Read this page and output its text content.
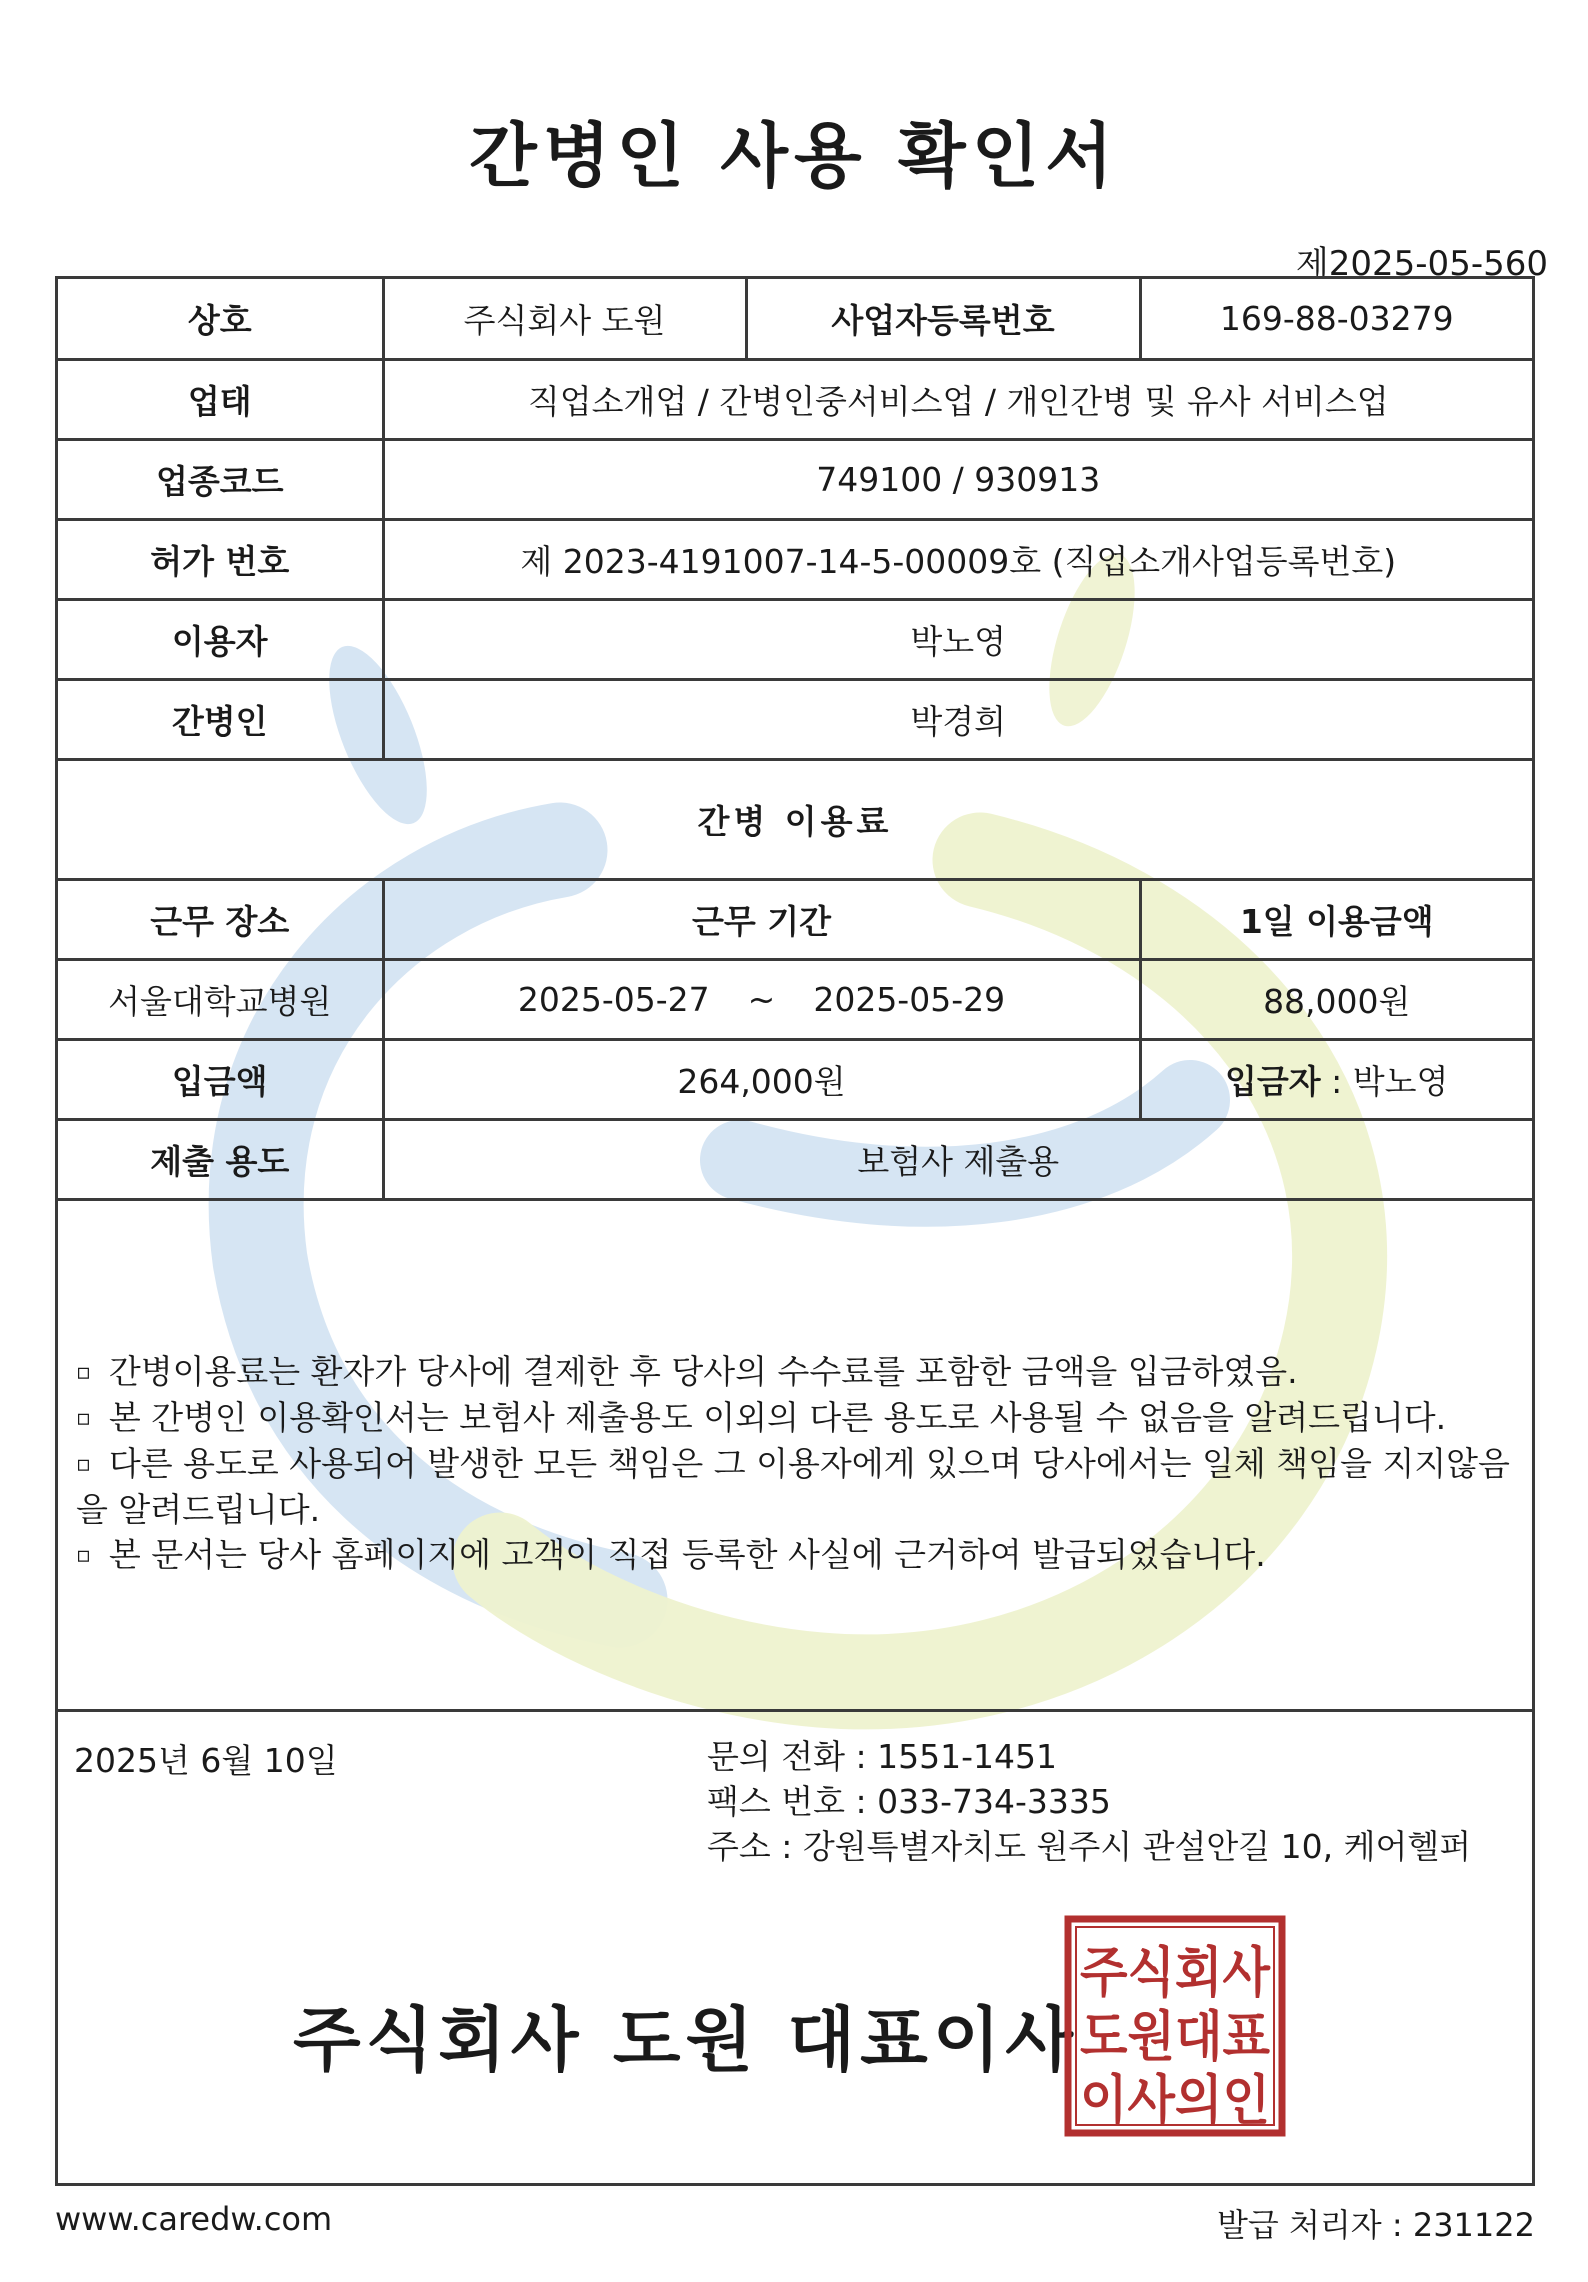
간병인 사용 확인서
제2025-05-560
상호	주식회사 도원	사업자등록번호	169-88-03279
업태	직업소개업 / 간병인중서비스업 / 개인간병 및 유사 서비스업		
업종코드	749100 / 930913		
허가 번호	제 2023-4191007-14-5-00009호 (직업소개사업등록번호)		
이용자	박노영		
간병인	박경희		
간병 이용료			
근무 장소	근무 기간		1일 이용금액
서울대학교병원	2025-05-27 ~ 2025-05-29		88,000원
입금액	264,000원		입금자 : 박노영
제출 용도	보험사 제출용		

▫ 간병이용료는 환자가 당사에 결제한 후 당사의 수수료를 포함한 금액을 입금하였음.

▫ 본 간병인 이용확인서는 보험사 제출용도 이외의 다른 용도로 사용될 수 없음을 알려드립니다.

▫ 다른 용도로 사용되어 발생한 모든 책임은 그 이용자에게 있으며 당사에서는 일체 책임을 지지않음을 알려드립니다.

▫ 본 문서는 당사 홈페이지에 고객이 직접 등록한 사실에 근거하여 발급되었습니다.

2025년 6월 10일	문의 전화 : 1551-1451
팩스 번호 : 033-734-3335
주소 : 강원특별자치도 원주시 관설안길 10, 케어헬퍼
주식회사 도원 대표이사
주식회사
도원대표
이사의인
www.caredw.com	발급 처리자 : 231122
